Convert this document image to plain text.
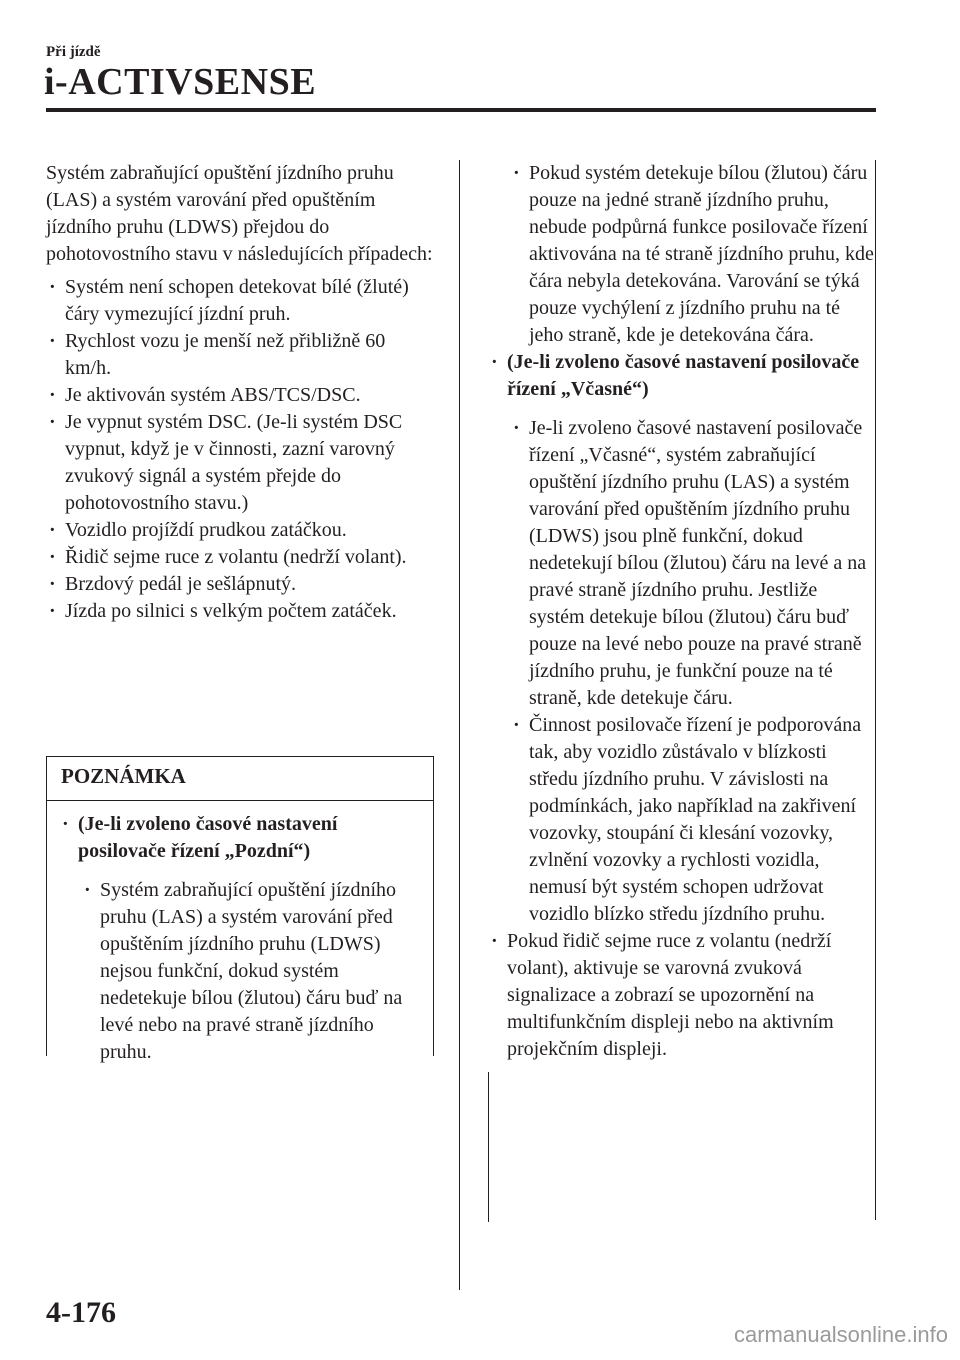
Při jízdě
i-ACTIVSENSE

Systém zabraňující opuštění jízdního pruhu (LAS) a systém varování před opuštěním jízdního pruhu (LDWS) přejdou do pohotovostního stavu v následujících případech:

· Systém není schopen detekovat bílé (žluté) čáry vymezující jízdní pruh.

· Rychlost vozu je menší než přibližně 60 km/h.

· Je aktivován systém ABS/TCS/DSC.

· Je vypnut systém DSC. (Je-li systém DSC vypnut, když je v činnosti, zazní varovný zvukový signál a systém přejde do pohotovostního stavu.)

· Vozidlo projíždí prudkou zatáčkou.

· Řidič sejme ruce z volantu (nedrží volant).

· Brzdový pedál je sešlápnutý.

· Jízda po silnici s velkým počtem zatáček.

POZNÁMKA

· (Je-li zvoleno časové nastavení posilovače řízení „Pozdní“)

· Systém zabraňující opuštění jízdního pruhu (LAS) a systém varování před opuštěním jízdního pruhu (LDWS) nejsou funkční, dokud systém nedetekuje bílou (žlutou) čáru buď na levé nebo na pravé straně jízdního pruhu.

· Pokud systém detekuje bílou (žlutou) čáru pouze na jedné straně jízdního pruhu, nebude podpůrná funkce posilovače řízení aktivována na té straně jízdního pruhu, kde čára nebyla detekována. Varování se týká pouze vychýlení z jízdního pruhu na té jeho straně, kde je detekována čára.

· (Je-li zvoleno časové nastavení posilovače řízení „Včasné“)

· Je-li zvoleno časové nastavení posilovače řízení „Včasné“, systém zabraňující opuštění jízdního pruhu (LAS) a systém varování před opuštěním jízdního pruhu (LDWS) jsou plně funkční, dokud nedetekují bílou (žlutou) čáru na levé a na pravé straně jízdního pruhu. Jestliže systém detekuje bílou (žlutou) čáru buď pouze na levé nebo pouze na pravé straně jízdního pruhu, je funkční pouze na té straně, kde detekuje čáru.

· Činnost posilovače řízení je podporována tak, aby vozidlo zůstávalo v blízkosti středu jízdního pruhu. V závislosti na podmínkách, jako například na zakřivení vozovky, stoupání či klesání vozovky, zvlnění vozovky a rychlosti vozidla, nemusí být systém schopen udržovat vozidlo blízko středu jízdního pruhu.

· Pokud řidič sejme ruce z volantu (nedrží volant), aktivuje se varovná zvuková signalizace a zobrazí se upozornění na multifunkčním displeji nebo na aktivním projekčním displeji.

4-176
carmanualsonline.info
